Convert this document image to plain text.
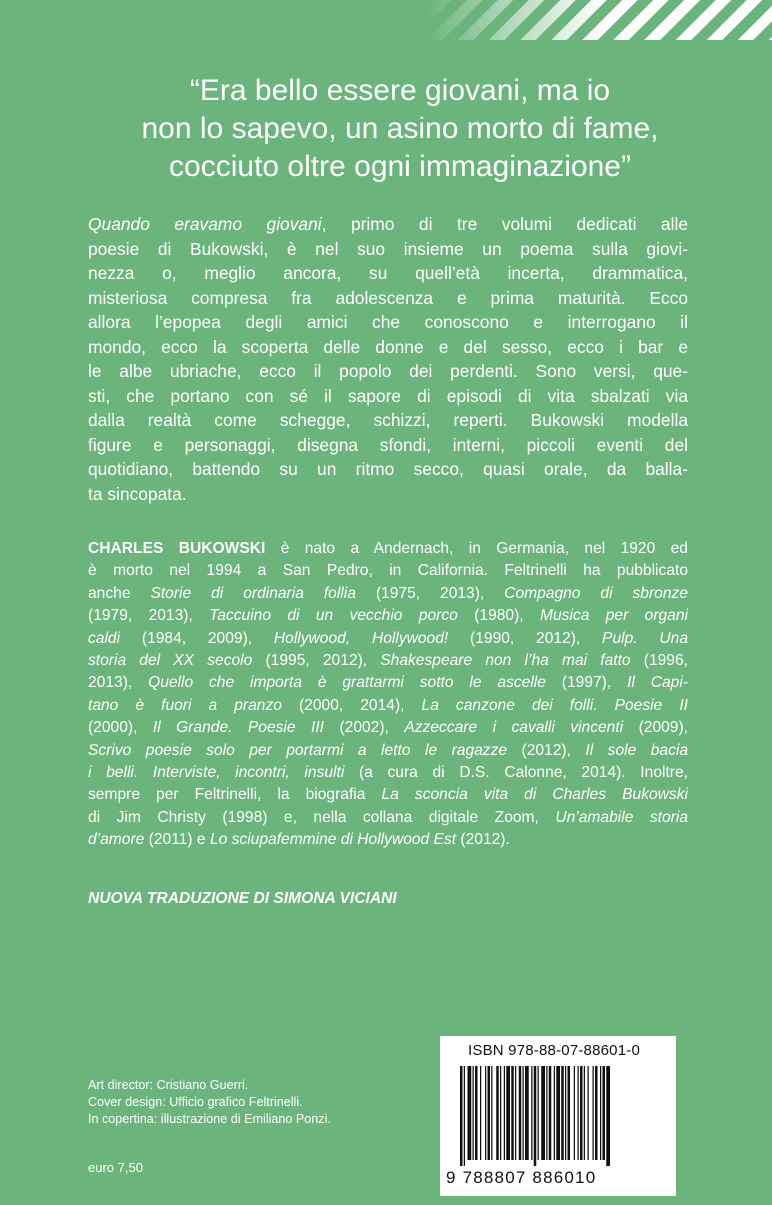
“Era bello essere giovani, ma io
non lo sapevo, un asino morto di fame,
cocciuto oltre ogni immaginazione”
Quando eravamo giovani, primo di tre volumi dedicati alle
poesie di Bukowski, è nel suo insieme un poema sulla giovi-
nezza o, meglio ancora, su quell’età incerta, drammatica,
misteriosa compresa fra adolescenza e prima maturità. Ecco
allora l’epopea degli amici che conoscono e interrogano il
mondo, ecco la scoperta delle donne e del sesso, ecco i bar e
le albe ubriache, ecco il popolo dei perdenti. Sono versi, que-
sti, che portano con sé il sapore di episodi di vita sbalzati via
dalla realtà come schegge, schizzi, reperti. Bukowski modella
figure e personaggi, disegna sfondi, interni, piccoli eventi del
quotidiano, battendo su un ritmo secco, quasi orale, da balla-
ta sincopata.
CHARLES BUKOWSKI è nato a Andernach, in Germania, nel 1920 ed
è morto nel 1994 a San Pedro, in California. Feltrinelli ha pubblicato
anche Storie di ordinaria follia (1975, 2013), Compagno di sbronze
(1979, 2013), Taccuino di un vecchio porco (1980), Musica per organi
caldi (1984, 2009), Hollywood, Hollywood! (1990, 2012), Pulp. Una
storia del XX secolo (1995, 2012), Shakespeare non l’ha mai fatto (1996,
2013), Quello che importa è grattarmi sotto le ascelle (1997), Il Capi-
tano è fuori a pranzo (2000, 2014), La canzone dei folli. Poesie II
(2000), Il Grande. Poesie III (2002), Azzeccare i cavalli vincenti (2009),
Scrivo poesie solo per portarmi a letto le ragazze (2012), Il sole bacia
i belli. Interviste, incontri, insulti (a cura di D.S. Calonne, 2014). Inoltre,
sempre per Feltrinelli, la biografia La sconcia vita di Charles Bukowski
di Jim Christy (1998) e, nella collana digitale Zoom, Un’amabile storia
d’amore (2011) e Lo sciupafemmine di Hollywood Est (2012).
NUOVA TRADUZIONE DI SIMONA VICIANI
Art director: Cristiano Guerri.
Cover design: Ufficio grafico Feltrinelli.
In copertina: illustrazione di Emiliano Ponzi.
euro 7,50
ISBN 978-88-07-88601-0
9 788807 886010
